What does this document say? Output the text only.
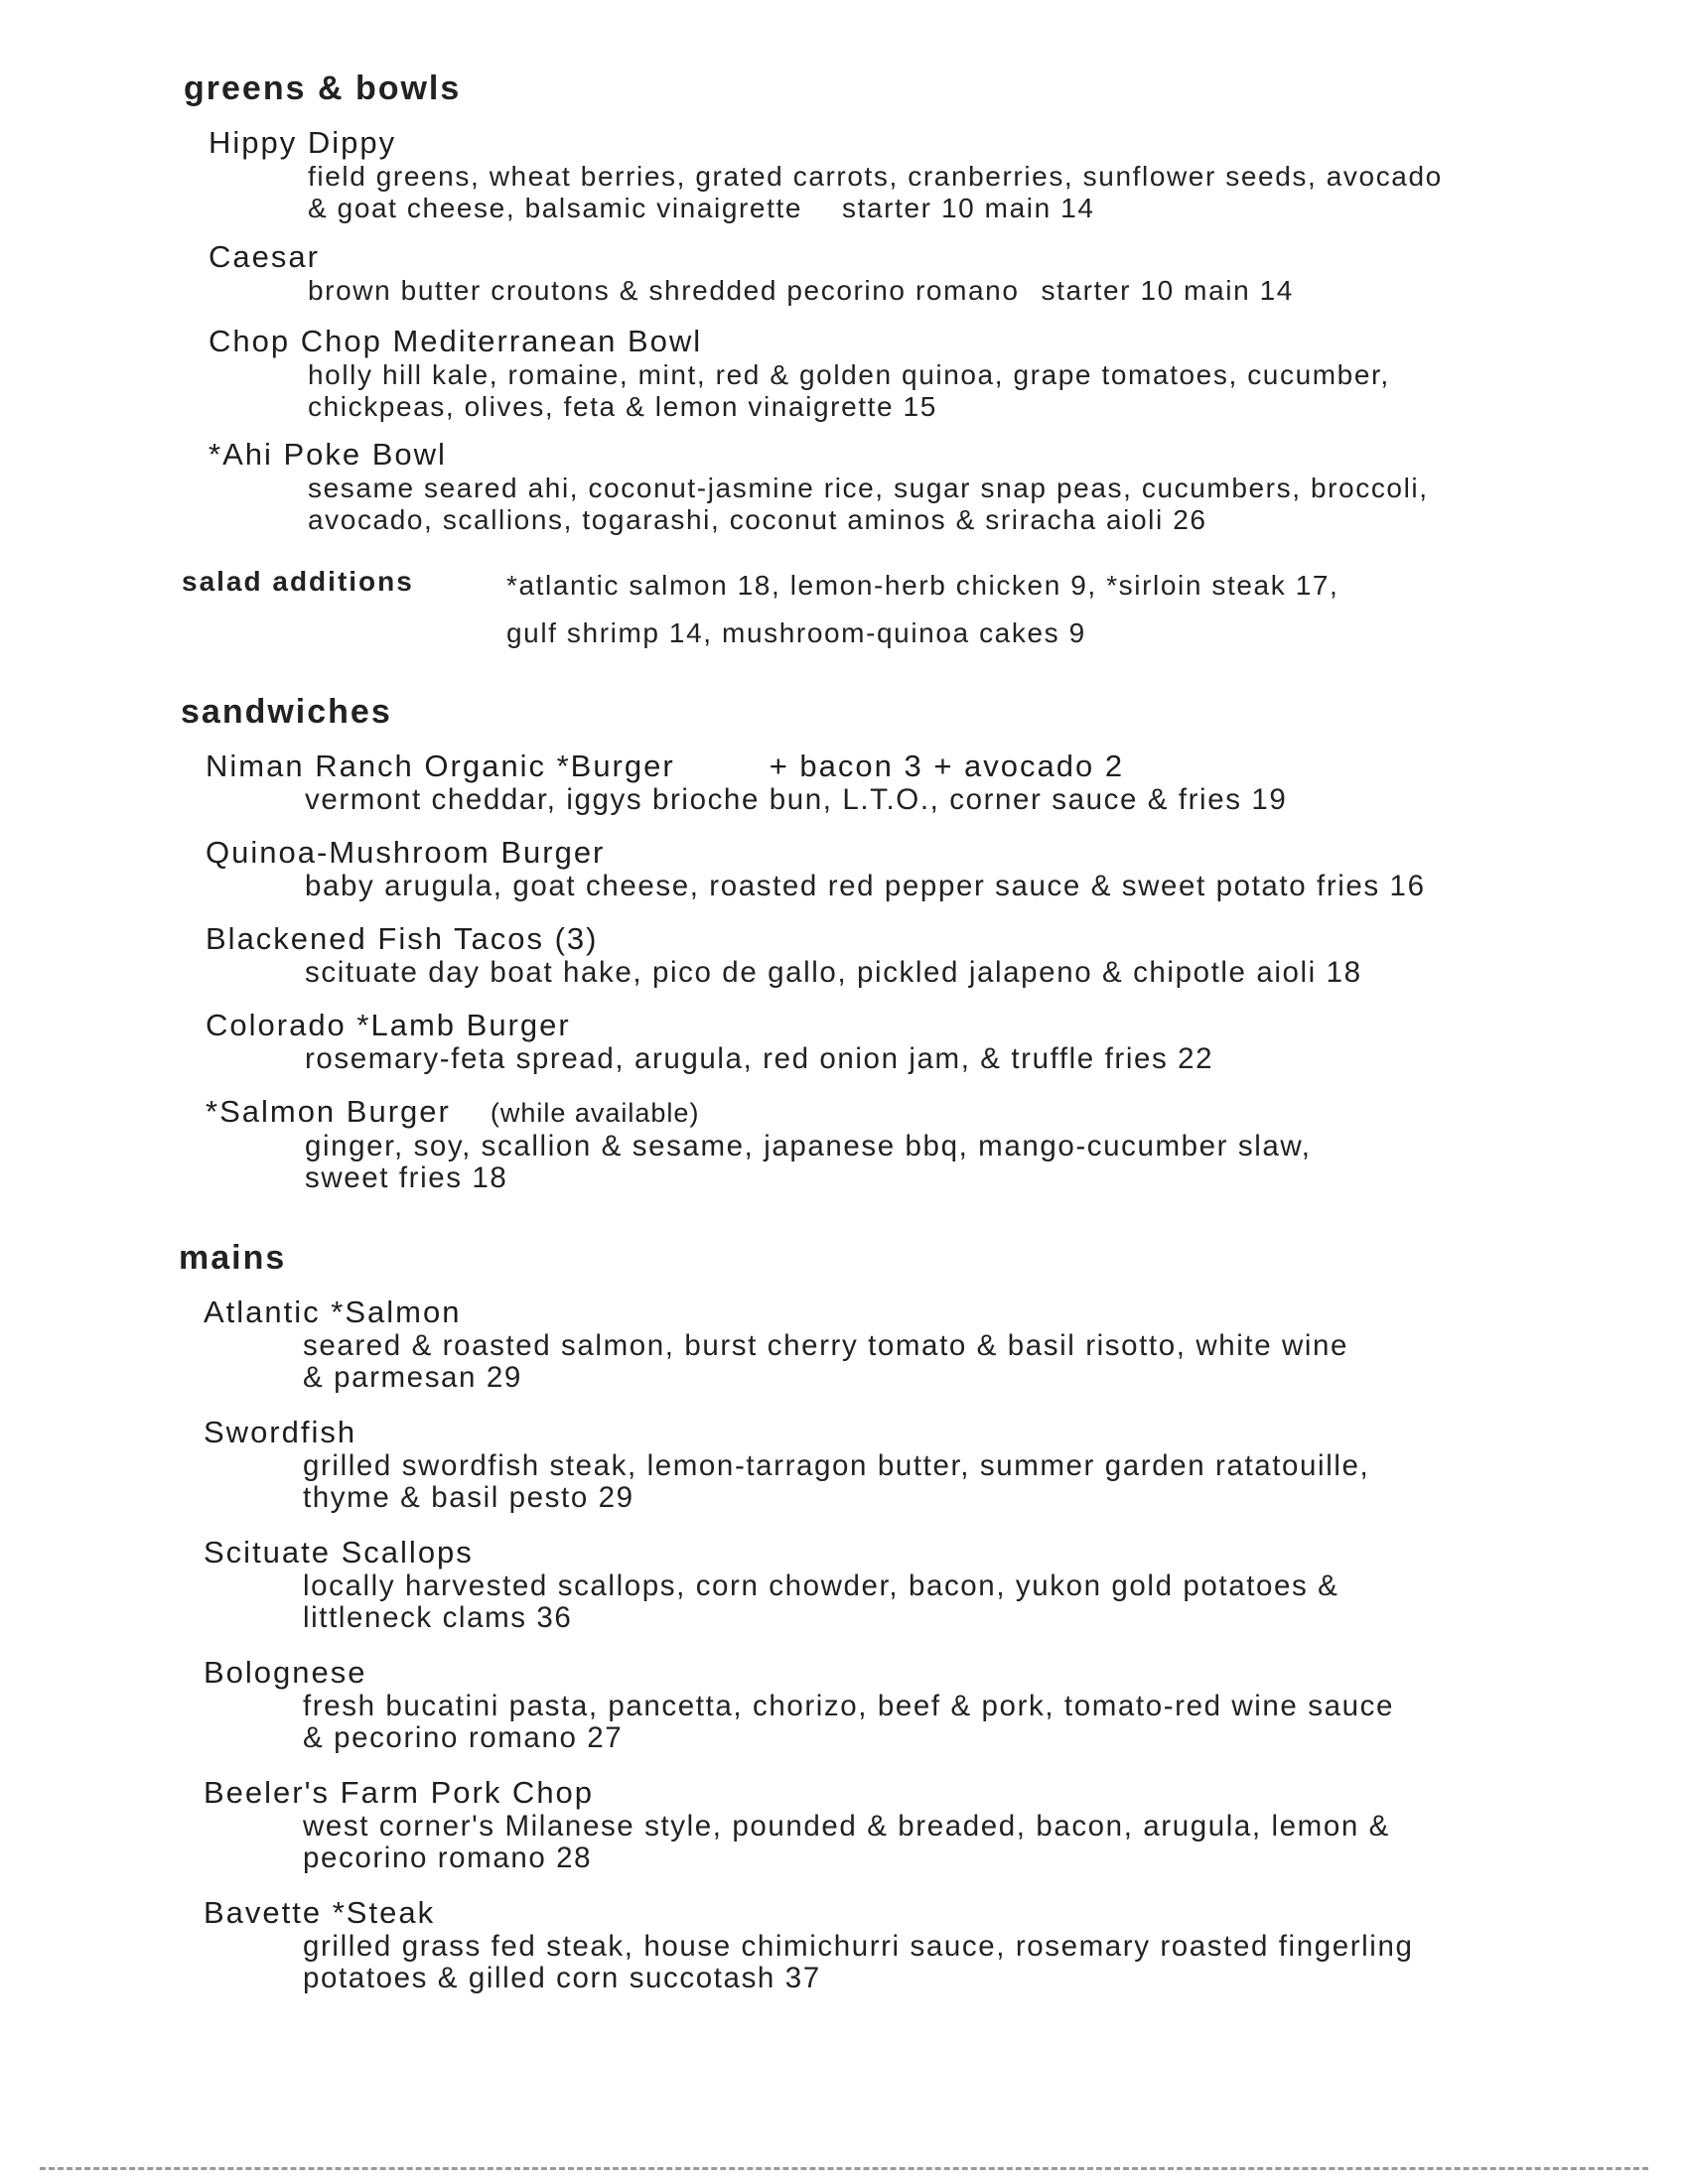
greens & bowls
Hippy Dippy
field greens, wheat berries, grated carrots, cranberries, sunflower seeds, avocado
& goat cheese, balsamic vinaigrette starter 10 main 14
Caesar
brown butter croutons & shredded pecorino romano starter 10 main 14
Chop Chop Mediterranean Bowl
holly hill kale, romaine, mint, red & golden quinoa, grape tomatoes, cucumber,
chickpeas, olives, feta & lemon vinaigrette 15
*Ahi Poke Bowl
sesame seared ahi, coconut-jasmine rice, sugar snap peas, cucumbers, broccoli,
avocado, scallions, togarashi, coconut aminos & sriracha aioli 26
salad additions	*atlantic salmon 18, lemon-herb chicken 9, *sirloin steak 17,
gulf shrimp 14, mushroom-quinoa cakes 9
sandwiches
Niman Ranch Organic *Burger	+ bacon 3 + avocado 2
vermont cheddar, iggys brioche bun, L.T.O., corner sauce & fries 19
Quinoa-Mushroom Burger
baby arugula, goat cheese, roasted red pepper sauce & sweet potato fries 16
Blackened Fish Tacos (3)
scituate day boat hake, pico de gallo, pickled jalapeno & chipotle aioli 18
Colorado *Lamb Burger
rosemary-feta spread, arugula, red onion jam, & truffle fries 22
*Salmon Burger (while available)
ginger, soy, scallion & sesame, japanese bbq, mango-cucumber slaw,
sweet fries 18
mains
Atlantic *Salmon
seared & roasted salmon, burst cherry tomato & basil risotto, white wine
& parmesan 29
Swordfish
grilled swordfish steak, lemon-tarragon butter, summer garden ratatouille,
thyme & basil pesto 29
Scituate Scallops
locally harvested scallops, corn chowder, bacon, yukon gold potatoes &
littleneck clams 36
Bolognese
fresh bucatini pasta, pancetta, chorizo, beef & pork, tomato-red wine sauce
& pecorino romano 27
Beeler's Farm Pork Chop
west corner's Milanese style, pounded & breaded, bacon, arugula, lemon &
pecorino romano 28
Bavette *Steak
grilled grass fed steak, house chimichurri sauce, rosemary roasted fingerling
potatoes & gilled corn succotash 37
